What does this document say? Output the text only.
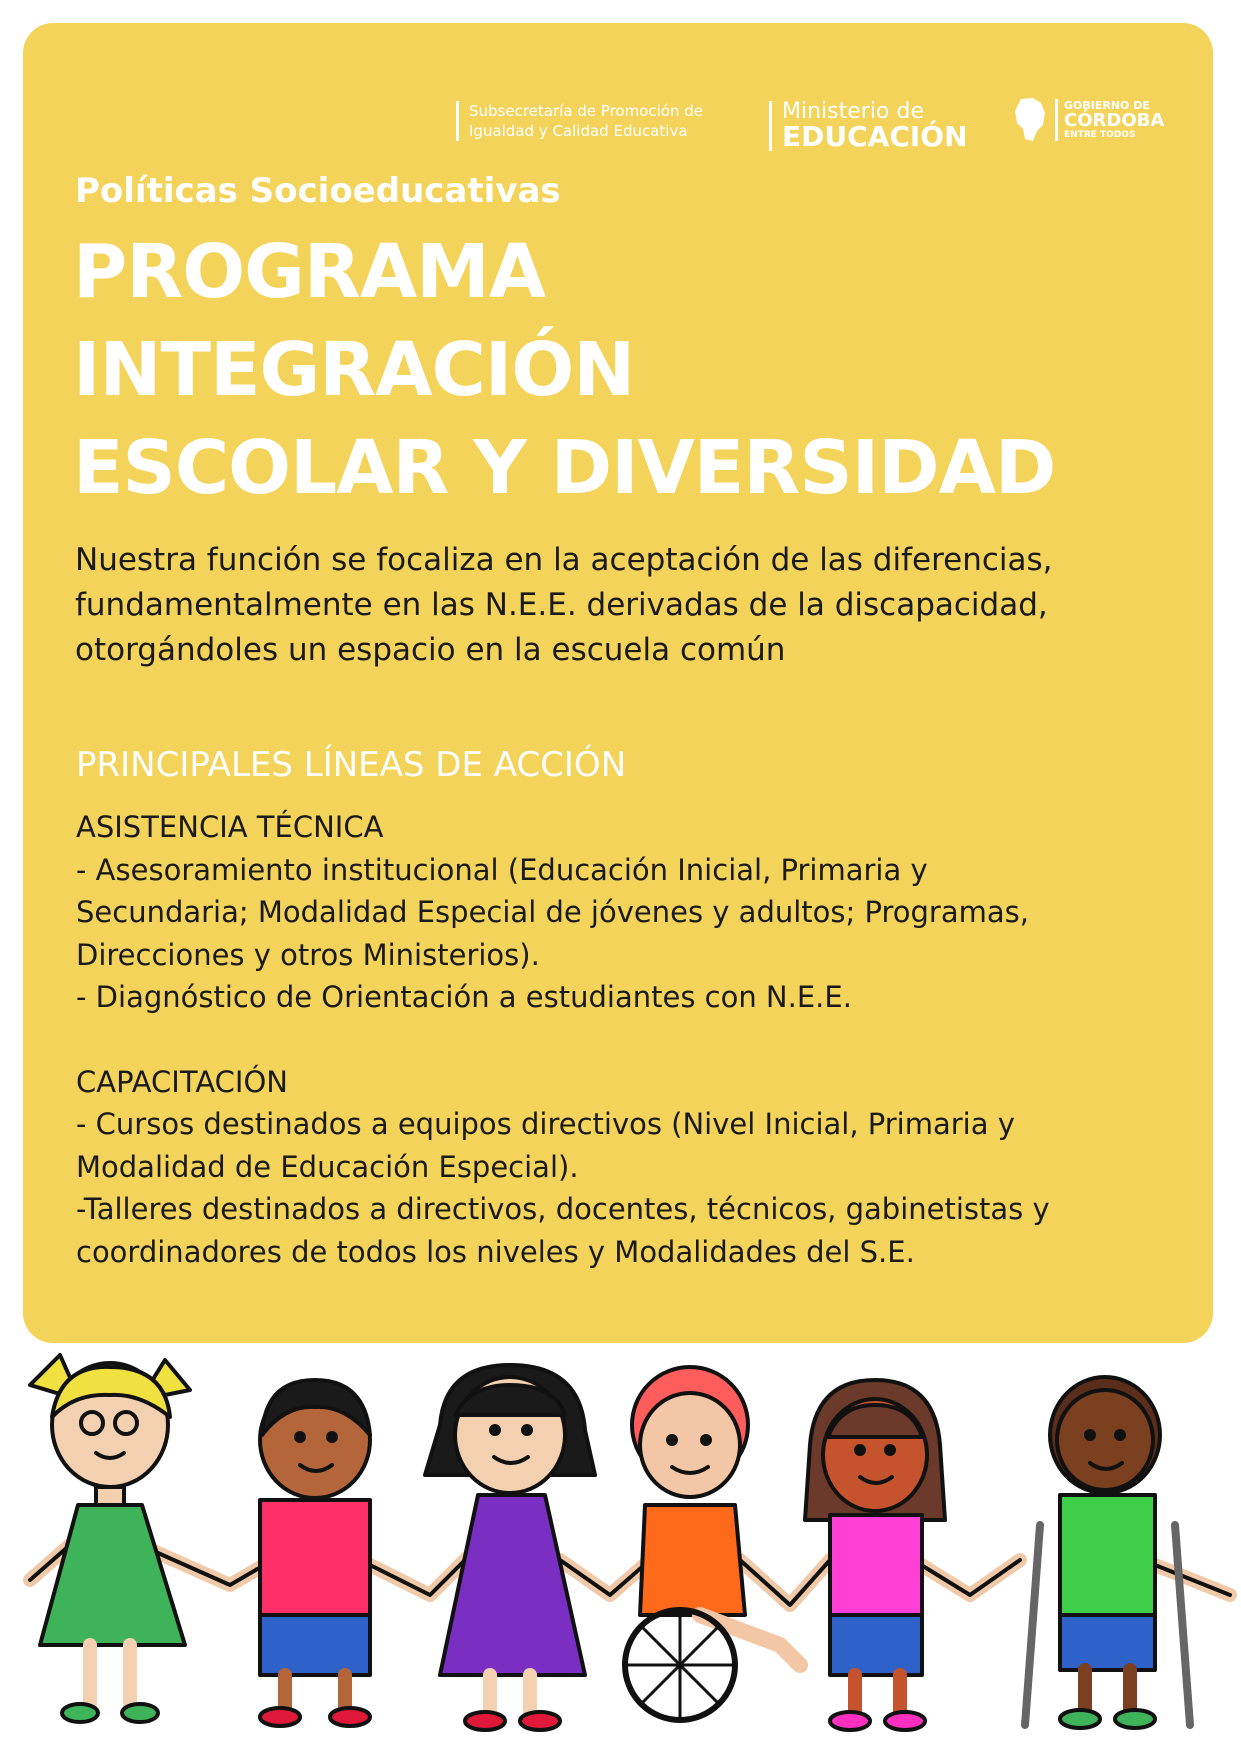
Subsecretaría de Promoción de
Igualdad y Calidad Educativa
Ministerio de
EDUCACIÓN
GOBIERNO DE
CÓRDOBA
ENTRE TODOS
Políticas Socioeducativas
PROGRAMA
INTEGRACIÓN
ESCOLAR Y DIVERSIDAD
Nuestra función se focaliza en la aceptación de las diferencias,
fundamentalmente en las N.E.E. derivadas de la discapacidad,
otorgándoles un espacio en la escuela común
PRINCIPALES LÍNEAS DE ACCIÓN
ASISTENCIA TÉCNICA
- Asesoramiento institucional (Educación Inicial, Primaria y
Secundaria; Modalidad Especial de jóvenes y adultos; Programas,
Direcciones y otros Ministerios).
- Diagnóstico de Orientación a estudiantes con N.E.E.
CAPACITACIÓN
- Cursos destinados a equipos directivos (Nivel Inicial, Primaria y
Modalidad de Educación Especial).
-Talleres destinados a directivos, docentes, técnicos, gabinetistas y
coordinadores de todos los niveles y Modalidades del S.E.
